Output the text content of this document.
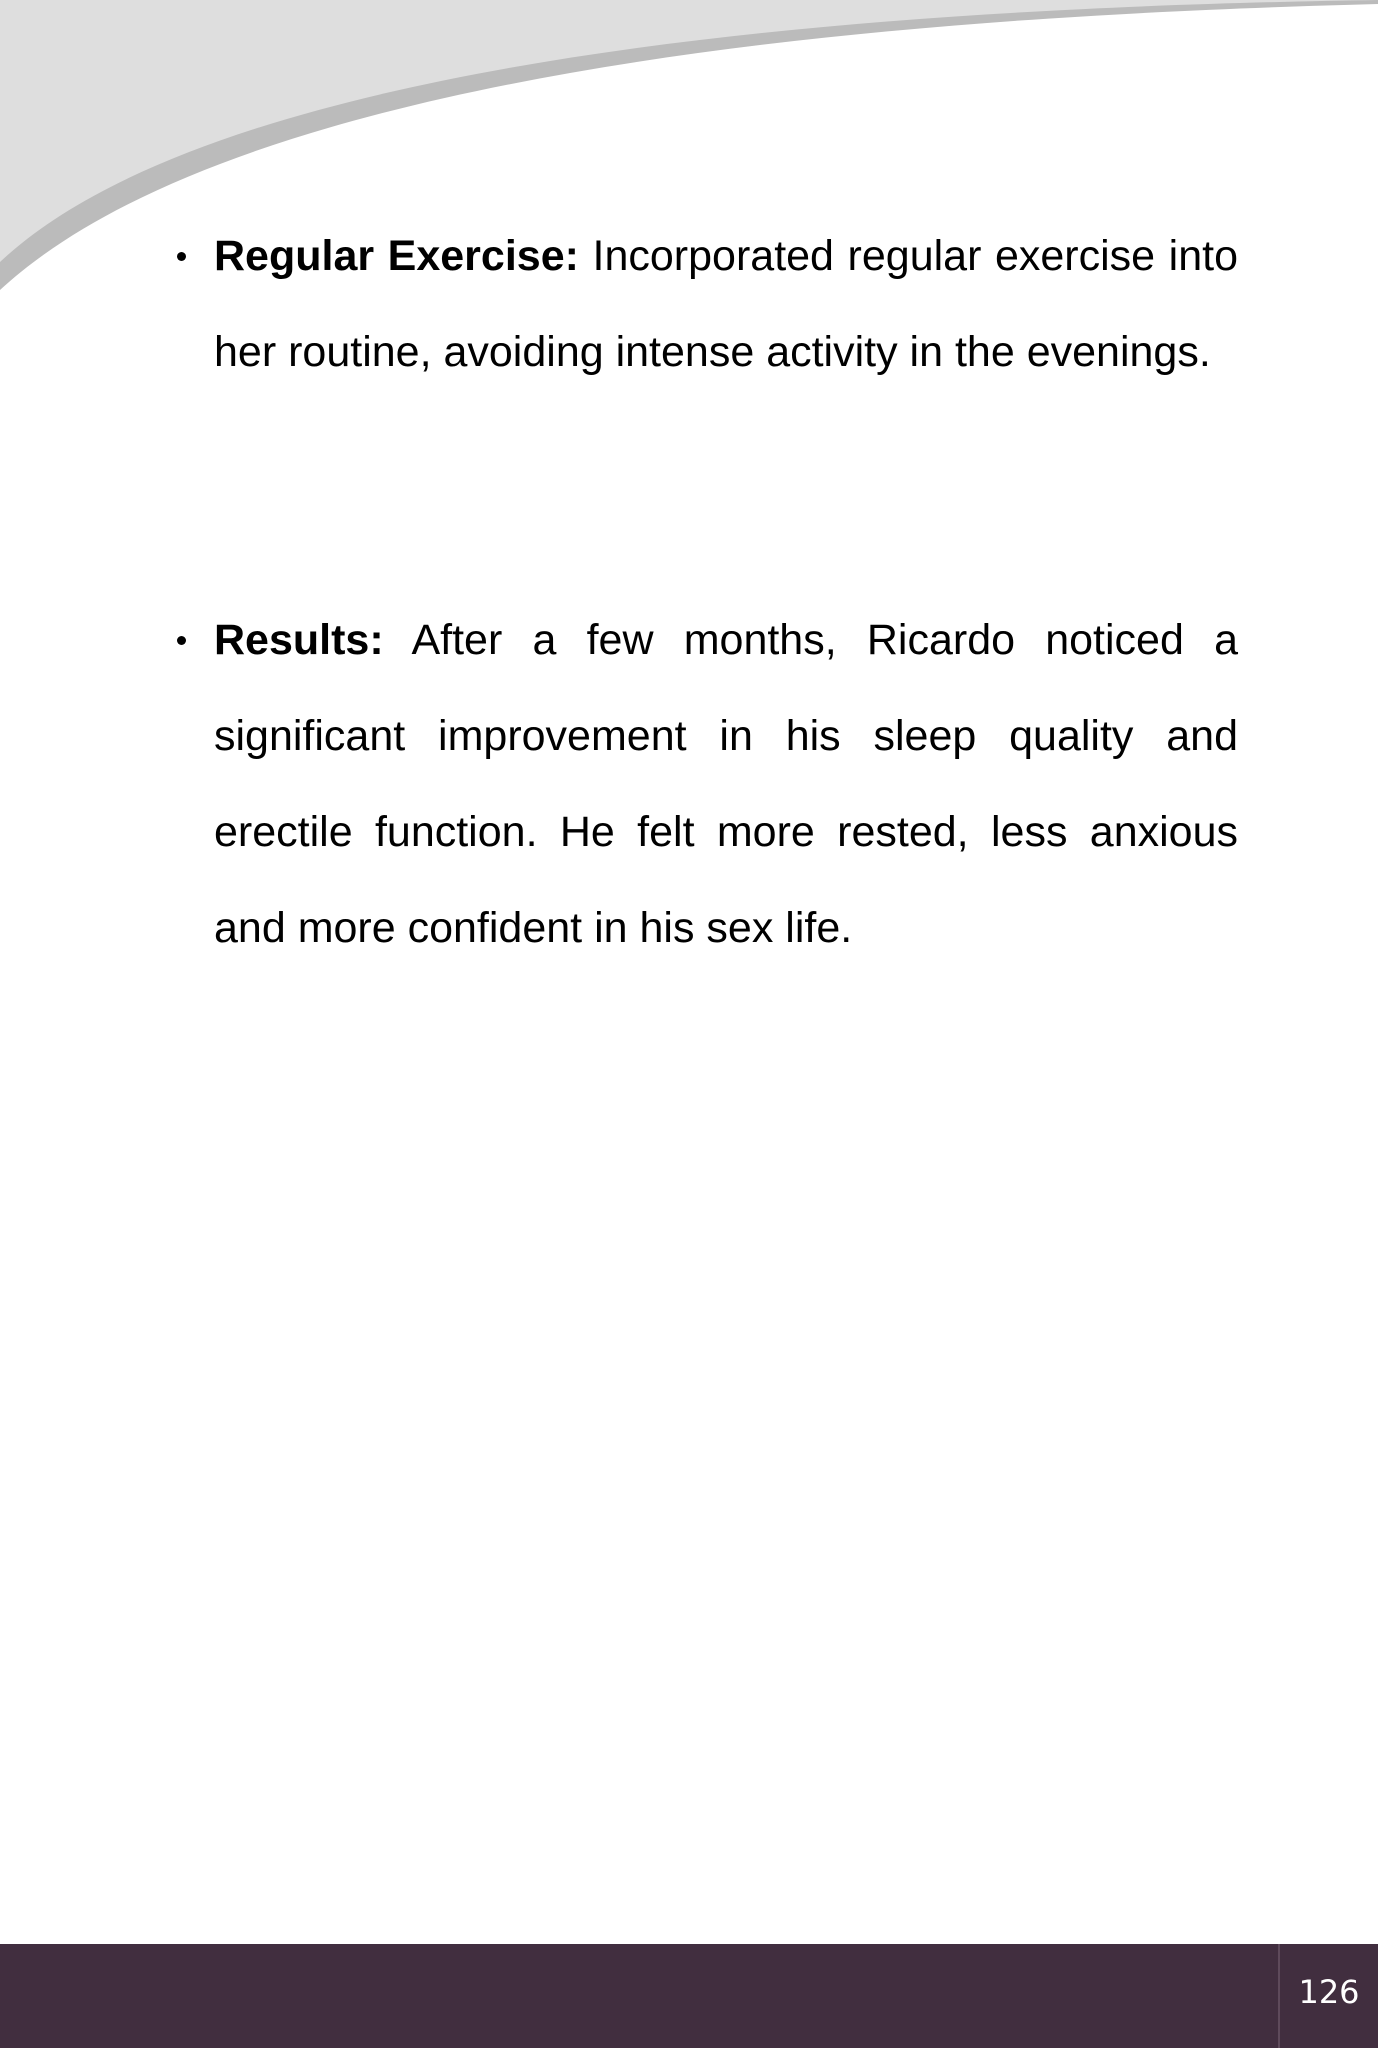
Regular Exercise: Incorporated regular exercise into her routine, avoiding intense activity in the evenings.
Results: After a few months, Ricardo noticed a significant improvement in his sleep quality and erectile function. He felt more rested, less anxious and more confident in his sex life.
126
